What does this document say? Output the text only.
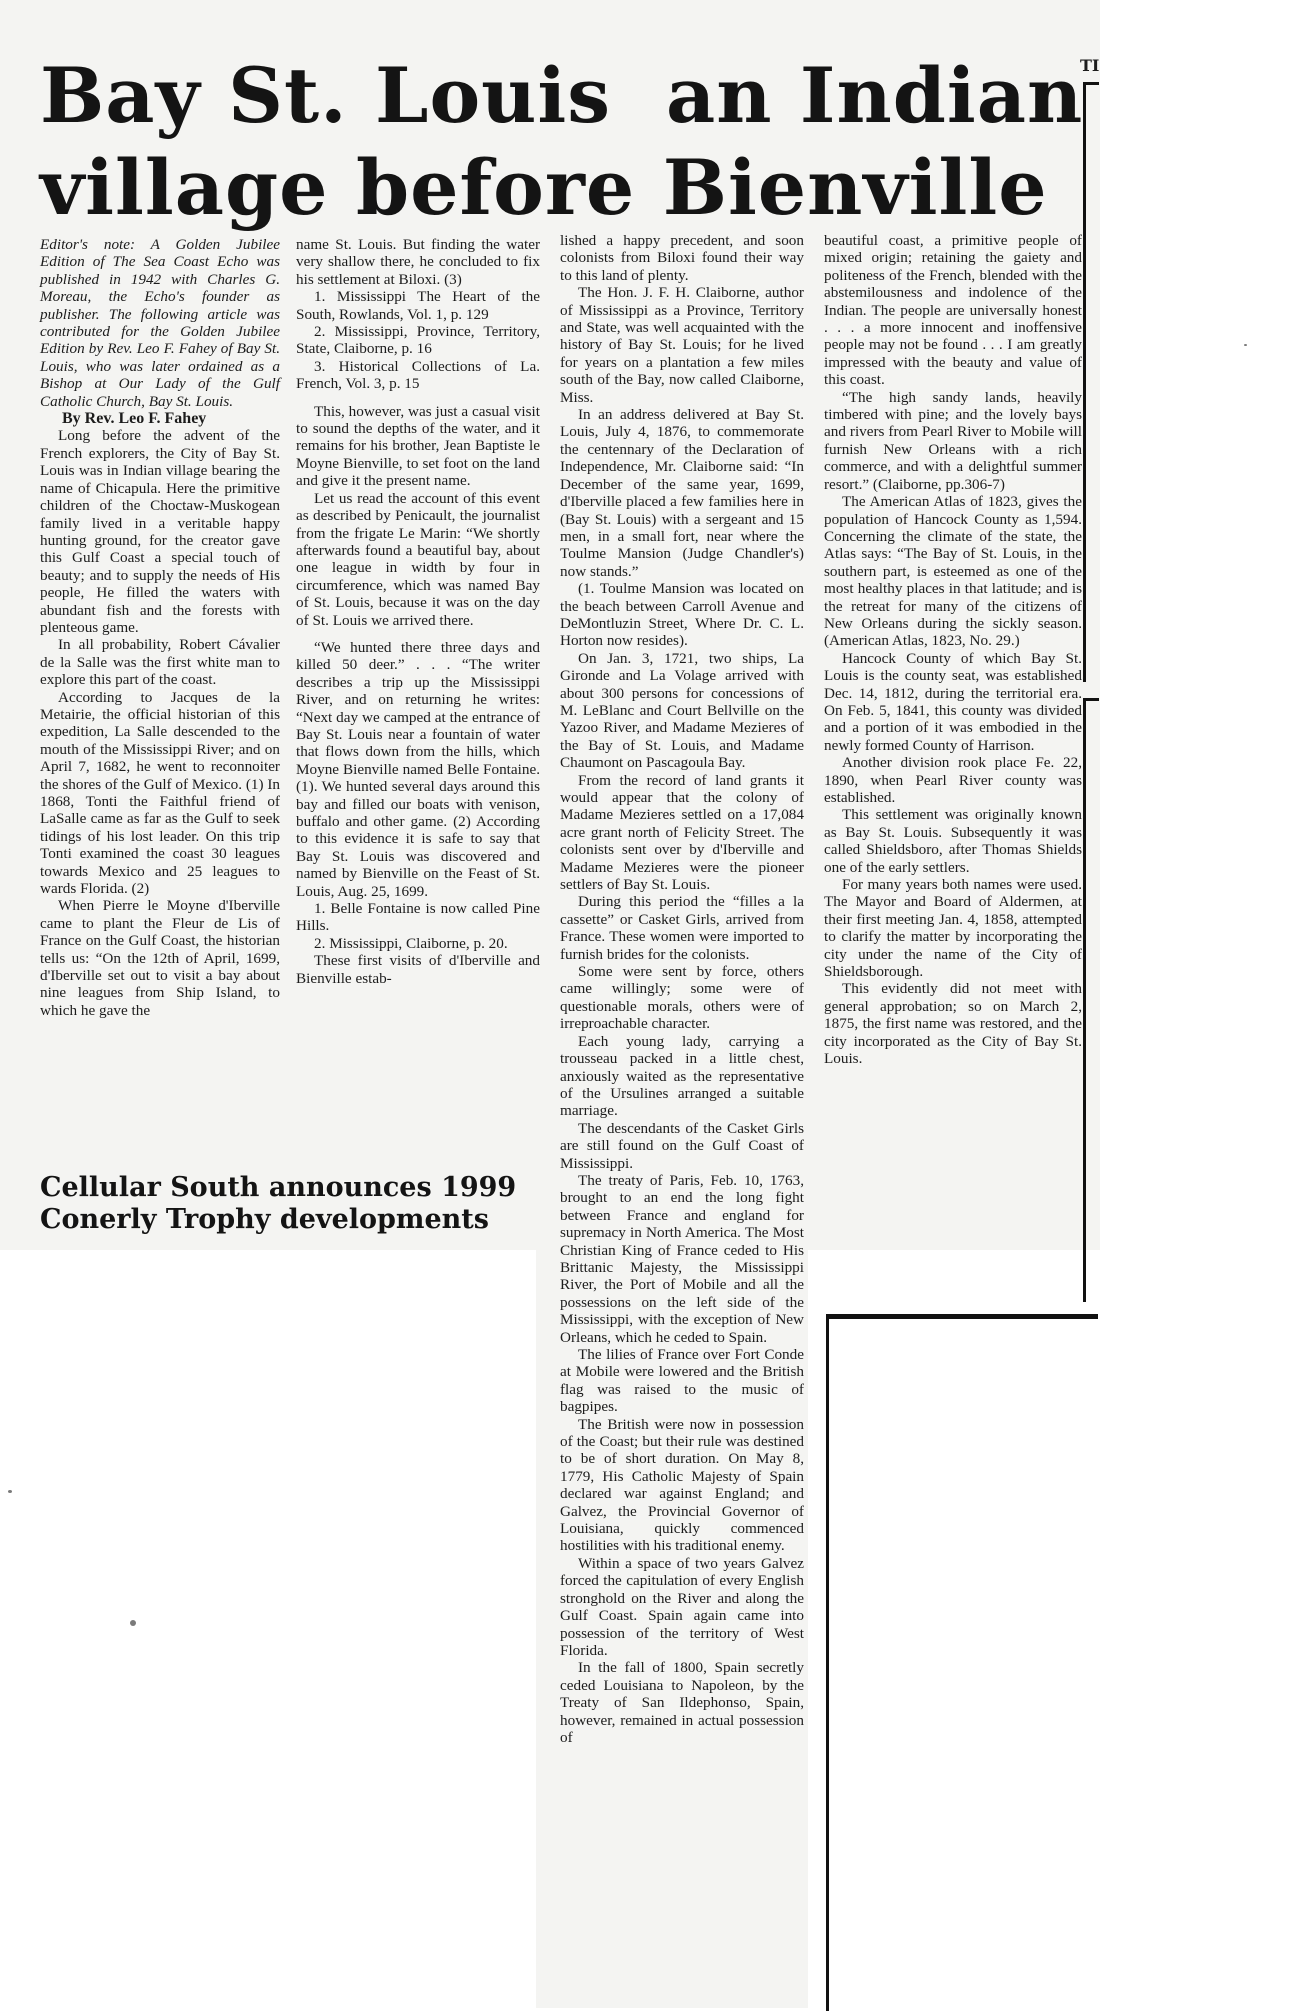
TI
Bay St. Louis  an Indian
village before Bienville

Editor's note: A Golden Jubilee Edition of The Sea Coast Echo was published in 1942 with Charles G. Moreau, the Echo's founder as publisher. The following article was contributed for the Golden Jubilee Edition by Rev. Leo F. Fahey of Bay St. Louis, who was later ordained as a Bishop at Our Lady of the Gulf Catholic Church, Bay St. Louis.

By Rev. Leo F. Fahey

Long before the advent of the French explorers, the City of Bay St. Louis was in Indian village bearing the name of Chicapula. Here the primitive children of the Choctaw-Muskogean family lived in a veritable happy hunting ground, for the creator gave this Gulf Coast a special touch of beauty; and to supply the needs of His people, He filled the waters with abundant fish and the forests with plenteous game.

In all probability, Robert Cávalier de la Salle was the first white man to explore this part of the coast.

According to Jacques de la Metairie, the official historian of this expedition, La Salle descended to the mouth of the Mississippi River; and on April 7, 1682, he went to reconnoiter the shores of the Gulf of Mexico. (1) In 1868, Tonti the Faithful friend of LaSalle came as far as the Gulf to seek tidings of his lost leader. On this trip Tonti examined the coast 30 leagues towards Mexico and 25 leagues to wards Florida. (2)

When Pierre le Moyne d'Iberville came to plant the Fleur de Lis of France on the Gulf Coast, the historian tells us: “On the 12th of April, 1699, d'Iberville set out to visit a bay about nine leagues from Ship Island, to which he gave the

name St. Louis. But finding the water very shallow there, he concluded to fix his settlement at Biloxi. (3)

1. Mississippi The Heart of the South, Rowlands, Vol. 1, p. 129

2. Mississippi, Province, Territory, State, Claiborne, p. 16

3. Historical Collections of La. French, Vol. 3, p. 15

This, however, was just a casual visit to sound the depths of the water, and it remains for his brother, Jean Baptiste le Moyne Bienville, to set foot on the land and give it the present name.

Let us read the account of this event as described by Penicault, the journalist from the frigate Le Marin: “We shortly afterwards found a beautiful bay, about one league in width by four in circumference, which was named Bay of St. Louis, because it was on the day of St. Louis we arrived there.

“We hunted there three days and killed 50 deer.” . . . “The writer describes a trip up the Mississippi River, and on returning he writes: “Next day we camped at the entrance of Bay St. Louis near a fountain of water that flows down from the hills, which Moyne Bienville named Belle Fontaine. (1). We hunted several days around this bay and filled our boats with venison, buffalo and other game. (2) According to this evidence it is safe to say that Bay St. Louis was discovered and named by Bienville on the Feast of St. Louis, Aug. 25, 1699.

1. Belle Fontaine is now called Pine Hills.

2. Mississippi, Claiborne, p. 20.

These first visits of d'Iberville and Bienville estab-

lished a happy precedent, and soon colonists from Biloxi found their way to this land of plenty.

The Hon. J. F. H. Claiborne, author of Mississippi as a Province, Territory and State, was well acquainted with the history of Bay St. Louis; for he lived for years on a plantation a few miles south of the Bay, now called Claiborne, Miss.

In an address delivered at Bay St. Louis, July 4, 1876, to commemorate the centennary of the Declaration of Independence, Mr. Claiborne said: “In December of the same year, 1699, d'Iberville placed a few families here in (Bay St. Louis) with a sergeant and 15 men, in a small fort, near where the Toulme Mansion (Judge Chandler's) now stands.”

(1. Toulme Mansion was located on the beach between Carroll Avenue and DeMontluzin Street, Where Dr. C. L. Horton now resides).

On Jan. 3, 1721, two ships, La Gironde and La Volage arrived with about 300 persons for concessions of M. LeBlanc and Court Bellville on the Yazoo River, and Madame Mezieres of the Bay of St. Louis, and Madame Chaumont on Pascagoula Bay.

From the record of land grants it would appear that the colony of Madame Mezieres settled on a 17,084 acre grant north of Felicity Street. The colonists sent over by d'Iberville and Madame Mezieres were the pioneer settlers of Bay St. Louis.

During this period the “filles a la cassette” or Casket Girls, arrived from France. These women were imported to furnish brides for the colonists.

Some were sent by force, others came willingly; some were of questionable morals, others were of irreproachable character.

Each young lady, carrying a trousseau packed in a little chest, anxiously waited as the representative of the Ursulines arranged a suitable marriage.

The descendants of the Casket Girls are still found on the Gulf Coast of Mississippi.

The treaty of Paris, Feb. 10, 1763, brought to an end the long fight between France and england for supremacy in North America. The Most Christian King of France ceded to His Brittanic Majesty, the Mississippi River, the Port of Mobile and all the possessions on the left side of the Mississippi, with the exception of New Orleans, which he ceded to Spain.

The lilies of France over Fort Conde at Mobile were lowered and the British flag was raised to the music of bagpipes.

The British were now in possession of the Coast; but their rule was destined to be of short duration. On May 8, 1779, His Catholic Majesty of Spain declared war against England; and Galvez, the Provincial Governor of Louisiana, quickly commenced hostilities with his traditional enemy.

Within a space of two years Galvez forced the capitulation of every English stronghold on the River and along the Gulf Coast. Spain again came into possession of the territory of West Florida.

In the fall of 1800, Spain secretly ceded Louisiana to Napoleon, by the Treaty of San Ildephonso, Spain, however, remained in actual possession of

beautiful coast, a primitive people of mixed origin; retaining the gaiety and politeness of the French, blended with the abstemilousness and indolence of the Indian. The people are universally honest . . . a more innocent and inoffensive people may not be found . . . I am greatly impressed with the beauty and value of this coast.

“The high sandy lands, heavily timbered with pine; and the lovely bays and rivers from Pearl River to Mobile will furnish New Orleans with a rich commerce, and with a delightful summer resort.” (Claiborne, pp.306-7)

The American Atlas of 1823, gives the population of Hancock County as 1,594. Concerning the climate of the state, the Atlas says: “The Bay of St. Louis, in the southern part, is esteemed as one of the most healthy places in that latitude; and is the retreat for many of the citizens of New Orleans during the sickly season. (American Atlas, 1823, No. 29.)

Hancock County of which Bay St. Louis is the county seat, was established Dec. 14, 1812, during the territorial era. On Feb. 5, 1841, this county was divided and a portion of it was embodied in the newly formed County of Harrison.

Another division rook place Fe. 22, 1890, when Pearl River county was established.

This settlement was originally known as Bay St. Louis. Subsequently it was called Shieldsboro, after Thomas Shields one of the early settlers.

For many years both names were used. The Mayor and Board of Aldermen, at their first meeting Jan. 4, 1858, attempted to clarify the matter by incorporating the city under the name of the City of Shieldsborough.

This evidently did not meet with general approbation; so on March 2, 1875, the first name was restored, and the city incorporated as the City of Bay St. Louis.

Cellular South announces 1999
Conerly Trophy developments
